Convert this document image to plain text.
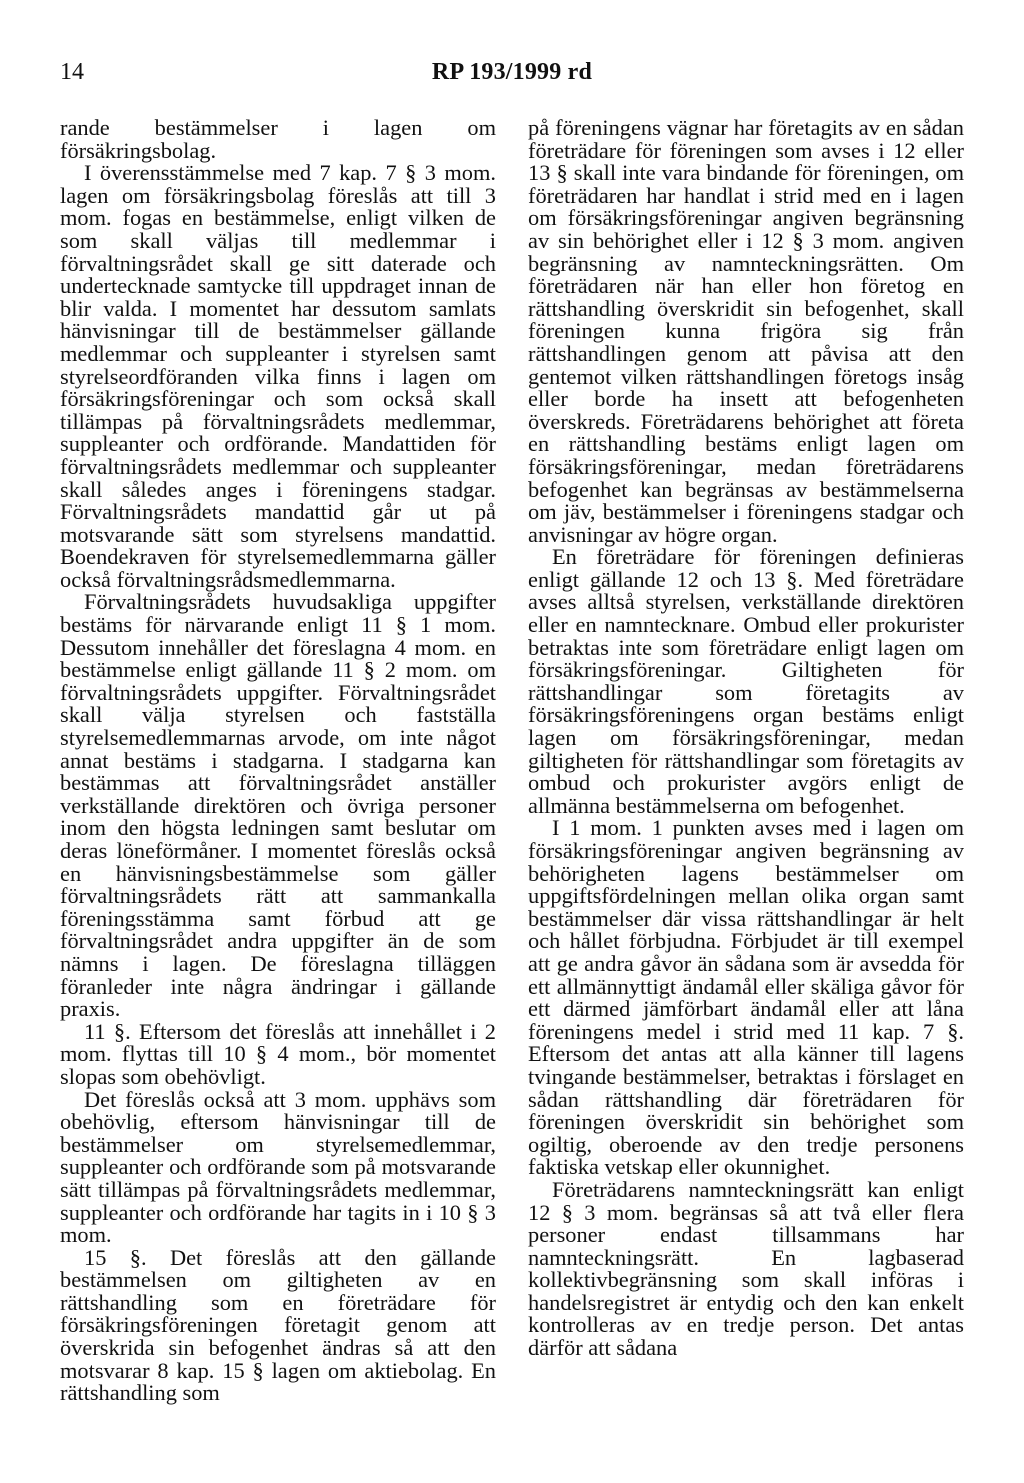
14	RP 193/1999 rd

rande bestämmelser i lagen om försäkringsbolag.

I överensstämmelse med 7 kap. 7 § 3 mom. lagen om försäkringsbolag föreslås att till 3 mom. fogas en bestämmelse, enligt vilken de som skall väljas till medlemmar i förvaltningsrådet skall ge sitt daterade och undertecknade samtycke till uppdraget innan de blir valda. I momentet har dessutom samlats hänvisningar till de bestämmelser gällande medlemmar och suppleanter i styrelsen samt styrelseordföranden vilka finns i lagen om försäkringsföreningar och som också skall tillämpas på förvaltningsrådets medlemmar, suppleanter och ordförande. Mandattiden för förvaltningsrådets medlemmar och suppleanter skall således anges i föreningens stadgar. Förvaltningsrådets mandattid går ut på motsvarande sätt som styrelsens mandattid. Boendekraven för styrelsemedlemmarna gäller också förvaltningsrådsmedlemmarna.

Förvaltningsrådets huvudsakliga uppgifter bestäms för närvarande enligt 11 § 1 mom. Dessutom innehåller det föreslagna 4 mom. en bestämmelse enligt gällande 11 § 2 mom. om förvaltningsrådets uppgifter. Förvaltningsrådet skall välja styrelsen och fastställa styrelsemedlemmarnas arvode, om inte något annat bestäms i stadgarna. I stadgarna kan bestämmas att förvaltningsrådet anställer verkställande direktören och övriga personer inom den högsta ledningen samt beslutar om deras löneförmåner. I momentet föreslås också en hänvisningsbestämmelse som gäller förvaltningsrådets rätt att sammankalla föreningsstämma samt förbud att ge förvaltningsrådet andra uppgifter än de som nämns i lagen. De föreslagna tilläggen föranleder inte några ändringar i gällande praxis.

11 §. Eftersom det föreslås att innehållet i 2 mom. flyttas till 10 § 4 mom., bör momentet slopas som obehövligt.

Det föreslås också att 3 mom. upphävs som obehövlig, eftersom hänvisningar till de bestämmelser om styrelsemedlemmar, suppleanter och ordförande som på motsvarande sätt tillämpas på förvaltningsrådets medlemmar, suppleanter och ordförande har tagits in i 10 § 3 mom.

15 §. Det föreslås att den gällande bestämmelsen om giltigheten av en rättshandling som en företrädare för försäkringsföreningen företagit genom att överskrida sin befogenhet ändras så att den motsvarar 8 kap. 15 § lagen om aktiebolag. En rättshandling som

på föreningens vägnar har företagits av en sådan företrädare för föreningen som avses i 12 eller 13 § skall inte vara bindande för föreningen, om företrädaren har handlat i strid med en i lagen om försäkringsföreningar angiven begränsning av sin behörighet eller i 12 § 3 mom. angiven begränsning av namnteckningsrätten. Om företrädaren när han eller hon företog en rättshandling överskridit sin befogenhet, skall föreningen kunna frigöra sig från rättshandlingen genom att påvisa att den gentemot vilken rättshandlingen företogs insåg eller borde ha insett att befogenheten överskreds. Företrädarens behörighet att företa en rättshandling bestäms enligt lagen om försäkringsföreningar, medan företrädarens befogenhet kan begränsas av bestämmelserna om jäv, bestämmelser i föreningens stadgar och anvisningar av högre organ.

En företrädare för föreningen definieras enligt gällande 12 och 13 §. Med företrädare avses alltså styrelsen, verkställande direktören eller en namntecknare. Ombud eller prokurister betraktas inte som företrädare enligt lagen om försäkringsföreningar. Giltigheten för rättshandlingar som företagits av försäkringsföreningens organ bestäms enligt lagen om försäkringsföreningar, medan giltigheten för rättshandlingar som företagits av ombud och prokurister avgörs enligt de allmänna bestämmelserna om befogenhet.

I 1 mom. 1 punkten avses med i lagen om försäkringsföreningar angiven begränsning av behörigheten lagens bestämmelser om uppgiftsfördelningen mellan olika organ samt bestämmelser där vissa rättshandlingar är helt och hållet förbjudna. Förbjudet är till exempel att ge andra gåvor än sådana som är avsedda för ett allmännyttigt ändamål eller skäliga gåvor för ett därmed jämförbart ändamål eller att låna föreningens medel i strid med 11 kap. 7 §. Eftersom det antas att alla känner till lagens tvingande bestämmelser, betraktas i förslaget en sådan rättshandling där företrädaren för föreningen överskridit sin behörighet som ogiltig, oberoende av den tredje personens faktiska vetskap eller okunnighet.

Företrädarens namnteckningsrätt kan enligt 12 § 3 mom. begränsas så att två eller flera personer endast tillsammans har namnteckningsrätt. En lagbaserad kollektivbegränsning som skall införas i handelsregistret är entydig och den kan enkelt kontrolleras av en tredje person. Det antas därför att sådana
